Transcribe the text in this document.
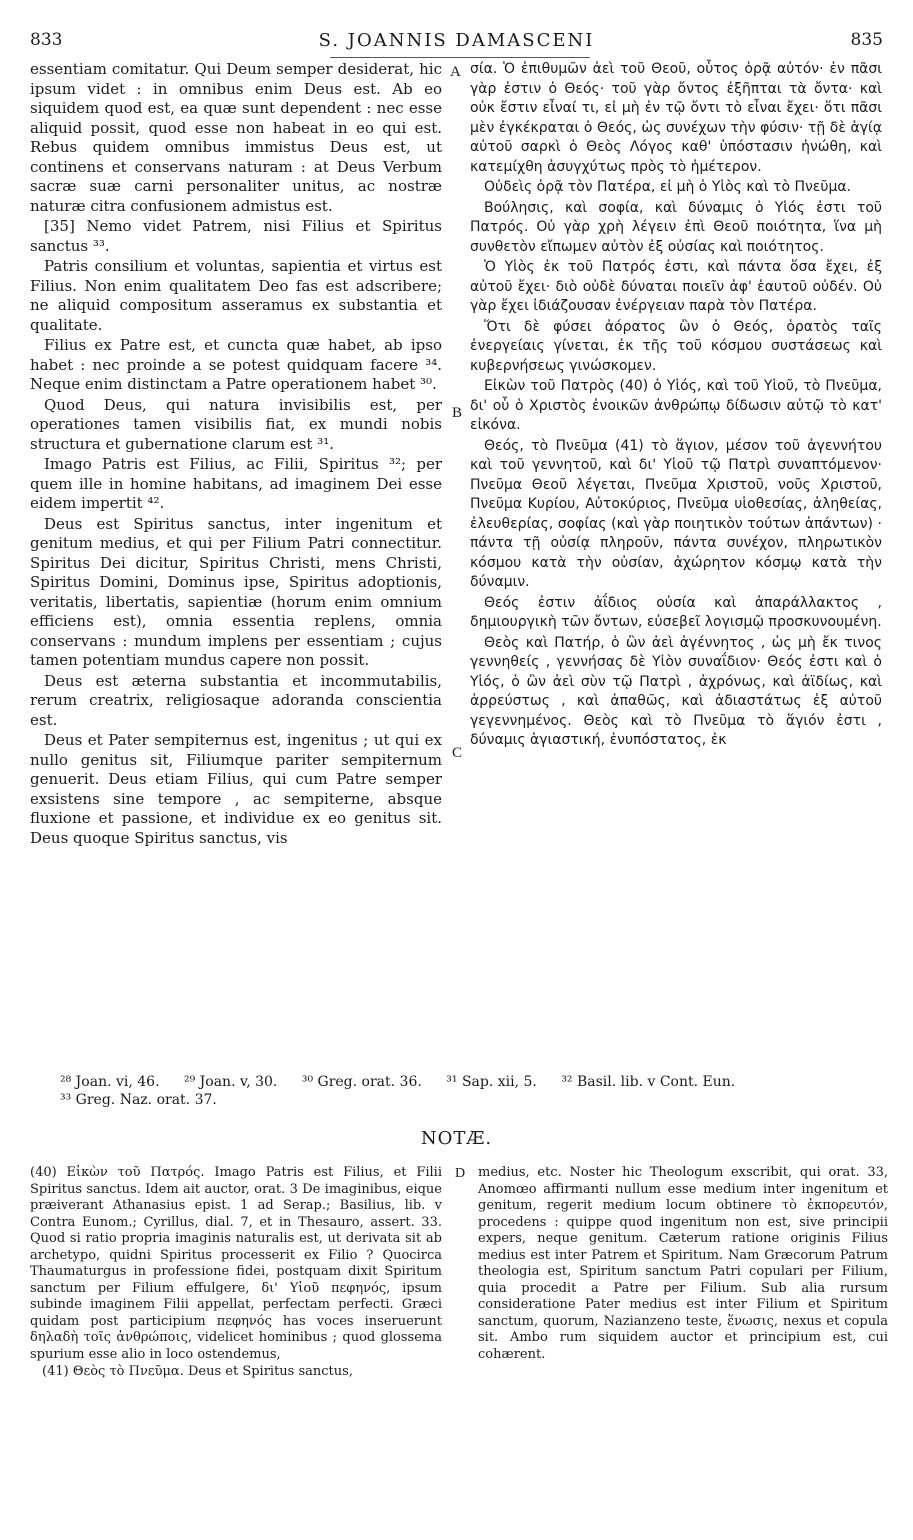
833	S. JOANNIS DAMASCENI	835

essentiam comitatur. Qui Deum semper desiderat, hic ipsum videt : in omnibus enim Deus est. Ab eo siquidem quod est, ea quæ sunt dependent : nec esse aliquid possit, quod esse non habeat in eo qui est. Rebus quidem omnibus immistus Deus est, ut continens et conservans naturam : at Deus Verbum sacræ suæ carni personaliter unitus, ac nostræ naturæ citra confusionem admistus est.

[35] Nemo videt Patrem, nisi Filius et Spiritus sanctus ³³.

Patris consilium et voluntas, sapientia et virtus est Filius. Non enim qualitatem Deo fas est adscribere; ne aliquid compositum asseramus ex substantia et qualitate.

Filius ex Patre est, et cuncta quæ habet, ab ipso habet : nec proinde a se potest quidquam facere ³⁴. Neque enim distinctam a Patre operationem habet ³⁰.

Quod Deus, qui natura invisibilis est, per operationes tamen visibilis fiat, ex mundi nobis structura et gubernatione clarum est ³¹.

Imago Patris est Filius, ac Filii, Spiritus ³²; per quem ille in homine habitans, ad imaginem Dei esse eidem impertit ⁴².

Deus est Spiritus sanctus, inter ingenitum et genitum medius, et qui per Filium Patri connectitur. Spiritus Dei dicitur, Spiritus Christi, mens Christi, Spiritus Domini, Dominus ipse, Spiritus adoptionis, veritatis, libertatis, sapientiæ (horum enim omnium efficiens est), omnia essentia replens, omnia conservans : mundum implens per essentiam ; cujus tamen potentiam mundus capere non possit.

Deus est æterna substantia et incommutabilis, rerum creatrix, religiosaque adoranda conscientia est.

Deus et Pater sempiternus est, ingenitus ; ut qui ex nullo genitus sit, Filiumque pariter sempiternum genuerit. Deus etiam Filius, qui cum Patre semper exsistens sine tempore , ac sempiterne, absque fluxione et passione, et individue ex eo genitus sit. Deus quoque Spiritus sanctus, vis

A
B
C

σία. Ὁ ἐπιθυμῶν ἀεὶ τοῦ Θεοῦ, οὗτος ὁρᾷ αὐτόν· ἐν πᾶσι γὰρ ἐστιν ὁ Θεός· τοῦ γὰρ ὄντος ἐξῆπται τὰ ὄντα· καὶ οὐκ ἔστιν εἶναί τι, εἰ μὴ ἐν τῷ ὄντι τὸ εἶναι ἔχει· ὅτι πᾶσι μὲν ἐγκέκραται ὁ Θεός, ὡς συνέχων τὴν φύσιν· τῇ δὲ ἁγίᾳ αὐτοῦ σαρκὶ ὁ Θεὸς Λόγος καθ' ὑπόστασιν ἡνώθη, καὶ κατεμίχθη ἀσυγχύτως πρὸς τὸ ἡμέτερον.

Οὐδεὶς ὁρᾷ τὸν Πατέρα, εἰ μὴ ὁ Υἱὸς καὶ τὸ Πνεῦμα.

Βούλησις, καὶ σοφία, καὶ δύναμις ὁ Υἱός ἐστι τοῦ Πατρός. Οὐ γὰρ χρὴ λέγειν ἐπὶ Θεοῦ ποιότητα, ἵνα μὴ συνθετὸν εἴπωμεν αὐτὸν ἐξ οὐσίας καὶ ποιότητος.

Ὁ Υἱὸς ἐκ τοῦ Πατρός ἐστι, καὶ πάντα ὅσα ἔχει, ἐξ αὐτοῦ ἔχει· διὸ οὐδὲ δύναται ποιεῖν ἀφ' ἑαυτοῦ οὐδέν. Οὐ γὰρ ἔχει ἰδιάζουσαν ἐνέργειαν παρὰ τὸν Πατέρα.

Ὅτι δὲ φύσει ἀόρατος ὢν ὁ Θεός, ὁρατὸς ταῖς ἐνεργείαις γίνεται, ἐκ τῆς τοῦ κόσμου συστάσεως καὶ κυβερνήσεως γινώσκομεν.

Εἰκὼν τοῦ Πατρὸς (40) ὁ Υἱός, καὶ τοῦ Υἱοῦ, τὸ Πνεῦμα, δι' οὗ ὁ Χριστὸς ἐνοικῶν ἀνθρώπῳ δίδωσιν αὐτῷ τὸ κατ' εἰκόνα.

Θεός, τὸ Πνεῦμα (41) τὸ ἅγιον, μέσον τοῦ ἀγεννήτου καὶ τοῦ γεννητοῦ, καὶ δι' Υἱοῦ τῷ Πατρὶ συναπτόμενον· Πνεῦμα Θεοῦ λέγεται, Πνεῦμα Χριστοῦ, νοῦς Χριστοῦ, Πνεῦμα Κυρίου, Αὐτοκύριος, Πνεῦμα υἱοθεσίας, ἀληθείας, ἐλευθερίας, σοφίας (καὶ γὰρ ποιητικὸν τούτων ἁπάντων) · πάντα τῇ οὐσίᾳ πληροῦν, πάντα συνέχον, πληρωτικὸν κόσμου κατὰ τὴν οὐσίαν, ἀχώρητον κόσμῳ κατὰ τὴν δύναμιν.

Θεός ἐστιν ἀΐδιος οὐσία καὶ ἀπαράλλακτος , δημιουργικὴ τῶν ὄντων, εὐσεβεῖ λογισμῷ προσκυνουμένη.

Θεὸς καὶ Πατήρ, ὁ ὢν ἀεὶ ἀγέννητος , ὡς μὴ ἔκ τινος γεννηθείς , γεννήσας δὲ Υἱὸν συναΐδιον· Θεός ἐστι καὶ ὁ Υἱός, ὁ ὢν ἀεὶ σὺν τῷ Πατρὶ , ἀχρόνως, καὶ ἀϊδίως, καὶ ἀρρεύστως , καὶ ἀπαθῶς, καὶ ἀδιαστάτως ἐξ αὐτοῦ γεγεννημένος. Θεὸς καὶ τὸ Πνεῦμα τὸ ἅγιόν ἐστι , δύναμις ἁγιαστική, ἐνυπόστατος, ἐκ

²⁸ Joan. vi, 46. ²⁹ Joan. v, 30. ³⁰ Greg. orat. 36. ³¹ Sap. xii, 5. ³² Basil. lib. v Cont. Eun.
³³ Greg. Naz. orat. 37.
NOTÆ.

(40) Εἰκὼν τοῦ Πατρός. Imago Patris est Filius, et Filii Spiritus sanctus. Idem ait auctor, orat. 3 De imaginibus, eique præiverant Athanasius epist. 1 ad Serap.; Basilius, lib. v Contra Eunom.; Cyrillus, dial. 7, et in Thesauro, assert. 33. Quod si ratio propria imaginis naturalis est, ut derivata sit ab archetypo, quidni Spiritus processerit ex Filio ? Quocirca Thaumaturgus in professione fidei, postquam dixit Spiritum sanctum per Filium effulgere, δι' Υἱοῦ πεφηνός, ipsum subinde imaginem Filii appellat, perfectam perfecti. Græci quidam post participium πεφηνός has voces inseruerunt δηλαδὴ τοῖς ἀνθρώποις, videlicet hominibus ; quod glossema spurium esse alio in loco ostendemus,

(41) Θεὸς τὸ Πνεῦμα. Deus et Spiritus sanctus,

D medius, etc. Noster hic Theologum exscribit, qui orat. 33, Anomœo affirmanti nullum esse medium inter ingenitum et genitum, regerit medium locum obtinere τὸ ἐκπορευτόν, procedens : quippe quod ingenitum non est, sive principii expers, neque genitum. Cæterum ratione originis Filius medius est inter Patrem et Spiritum. Nam Græcorum Patrum theologia est, Spiritum sanctum Patri copulari per Filium, quia procedit a Patre per Filium. Sub alia rursum consideratione Pater medius est inter Filium et Spiritum sanctum, quorum, Nazianzeno teste, ἕνωσις, nexus et copula sit. Ambo rum siquidem auctor et principium est, cui cohærent.
